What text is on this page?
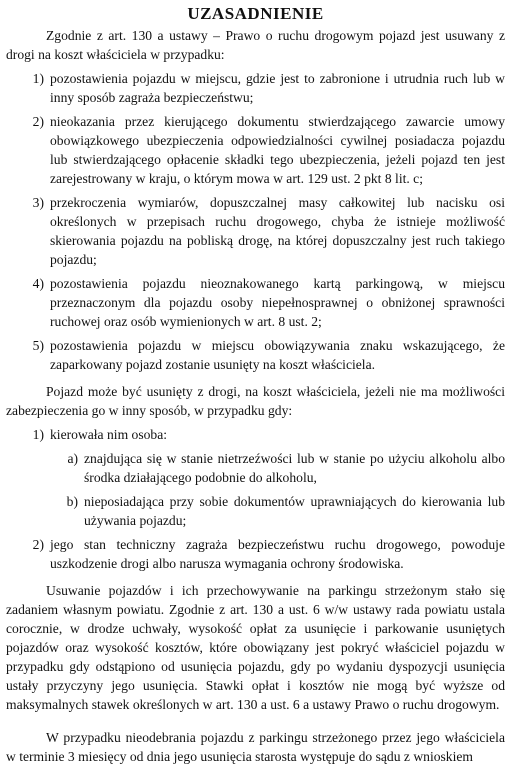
UZASADNIENIE

Zgodnie z art. 130 a ustawy – Prawo o ruchu drogowym pojazd jest usuwany z drogi na koszt właściciela w przypadku:

1) pozostawienia pojazdu w miejscu, gdzie jest to zabronione i utrudnia ruch lub w inny sposób zagraża bezpieczeństwu;
2) nieokazania przez kierującego dokumentu stwierdzającego zawarcie umowy obowiązkowego ubezpieczenia odpowiedzialności cywilnej posiadacza pojazdu lub stwierdzającego opłacenie składki tego ubezpieczenia, jeżeli pojazd ten jest zarejestrowany w kraju, o którym mowa w art. 129 ust. 2 pkt 8 lit. c;
3) przekroczenia wymiarów, dopuszczalnej masy całkowitej lub nacisku osi określonych w przepisach ruchu drogowego, chyba że istnieje możliwość skierowania pojazdu na pobliską drogę, na której dopuszczalny jest ruch takiego pojazdu;
4) pozostawienia pojazdu nieoznakowanego kartą parkingową, w miejscu przeznaczonym dla pojazdu osoby niepełnosprawnej o obniżonej sprawności ruchowej oraz osób wymienionych w art. 8 ust. 2;
5) pozostawienia pojazdu w miejscu obowiązywania znaku wskazującego, że zaparkowany pojazd zostanie usunięty na koszt właściciela.

Pojazd może być usunięty z drogi, na koszt właściciela, jeżeli nie ma możliwości zabezpieczenia go w inny sposób, w przypadku gdy:

1) kierowała nim osoba:
a) znajdująca się w stanie nietrzeźwości lub w stanie po użyciu alkoholu albo środka działającego podobnie do alkoholu,
b) nieposiadająca przy sobie dokumentów uprawniających do kierowania lub używania pojazdu;
2) jego stan techniczny zagraża bezpieczeństwu ruchu drogowego, powoduje uszkodzenie drogi albo narusza wymagania ochrony środowiska.

Usuwanie pojazdów i ich przechowywanie na parkingu strzeżonym stało się zadaniem własnym powiatu. Zgodnie z art. 130 a ust. 6 w/w ustawy rada powiatu ustala corocznie, w drodze uchwały, wysokość opłat za usunięcie i parkowanie usuniętych pojazdów oraz wysokość kosztów, które obowiązany jest pokryć właściciel pojazdu w przypadku gdy odstąpiono od usunięcia pojazdu, gdy po wydaniu dyspozycji usunięcia ustały przyczyny jego usunięcia. Stawki opłat i kosztów nie mogą być wyższe od maksymalnych stawek określonych w art. 130 a ust. 6 a ustawy Prawo o ruchu drogowym.

W przypadku nieodebrania pojazdu z parkingu strzeżonego przez jego właściciela w terminie 3 miesięcy od dnia jego usunięcia starosta występuje do sądu z wnioskiem
